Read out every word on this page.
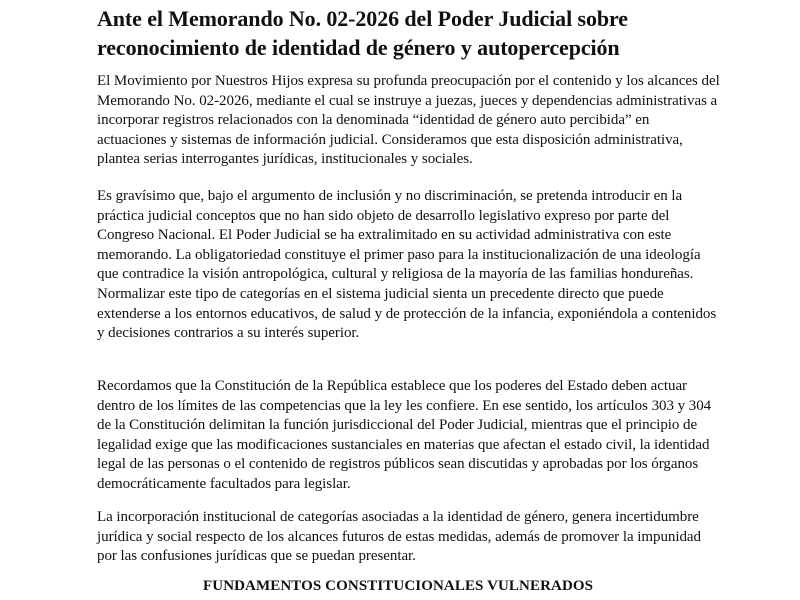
Ante el Memorando No. 02-2026 del Poder Judicial sobre
reconocimiento de identidad de género y autopercepción

El Movimiento por Nuestros Hijos expresa su profunda preocupación por el contenido y los alcances del Memorando No. 02-2026, mediante el cual se instruye a juezas, jueces y dependencias administrativas a incorporar registros relacionados con la denominada “identidad de género auto percibida” en actuaciones y sistemas de información judicial. Consideramos que esta disposición administrativa, plantea serias interrogantes jurídicas, institucionales y sociales.

Es gravísimo que, bajo el argumento de inclusión y no discriminación, se pretenda introducir en la práctica judicial conceptos que no han sido objeto de desarrollo legislativo expreso por parte del Congreso Nacional. El Poder Judicial se ha extralimitado en su actividad administrativa con este memorando. La obligatoriedad constituye el primer paso para la institucionalización de una ideología que contradice la visión antropológica, cultural y religiosa de la mayoría de las familias hondureñas. Normalizar este tipo de categorías en el sistema judicial sienta un precedente directo que puede extenderse a los entornos educativos, de salud y de protección de la infancia, exponiéndola a contenidos y decisiones contrarios a su interés superior.

Recordamos que la Constitución de la República establece que los poderes del Estado deben actuar dentro de los límites de las competencias que la ley les confiere. En ese sentido, los artículos 303 y 304 de la Constitución delimitan la función jurisdiccional del Poder Judicial, mientras que el principio de legalidad exige que las modificaciones sustanciales en materias que afectan el estado civil, la identidad legal de las personas o el contenido de registros públicos sean discutidas y aprobadas por los órganos democráticamente facultados para legislar.

La incorporación institucional de categorías asociadas a la identidad de género, genera incertidumbre jurídica y social respecto de los alcances futuros de estas medidas, además de promover la impunidad por las confusiones jurídicas que se puedan presentar.

FUNDAMENTOS CONSTITUCIONALES VULNERADOS
